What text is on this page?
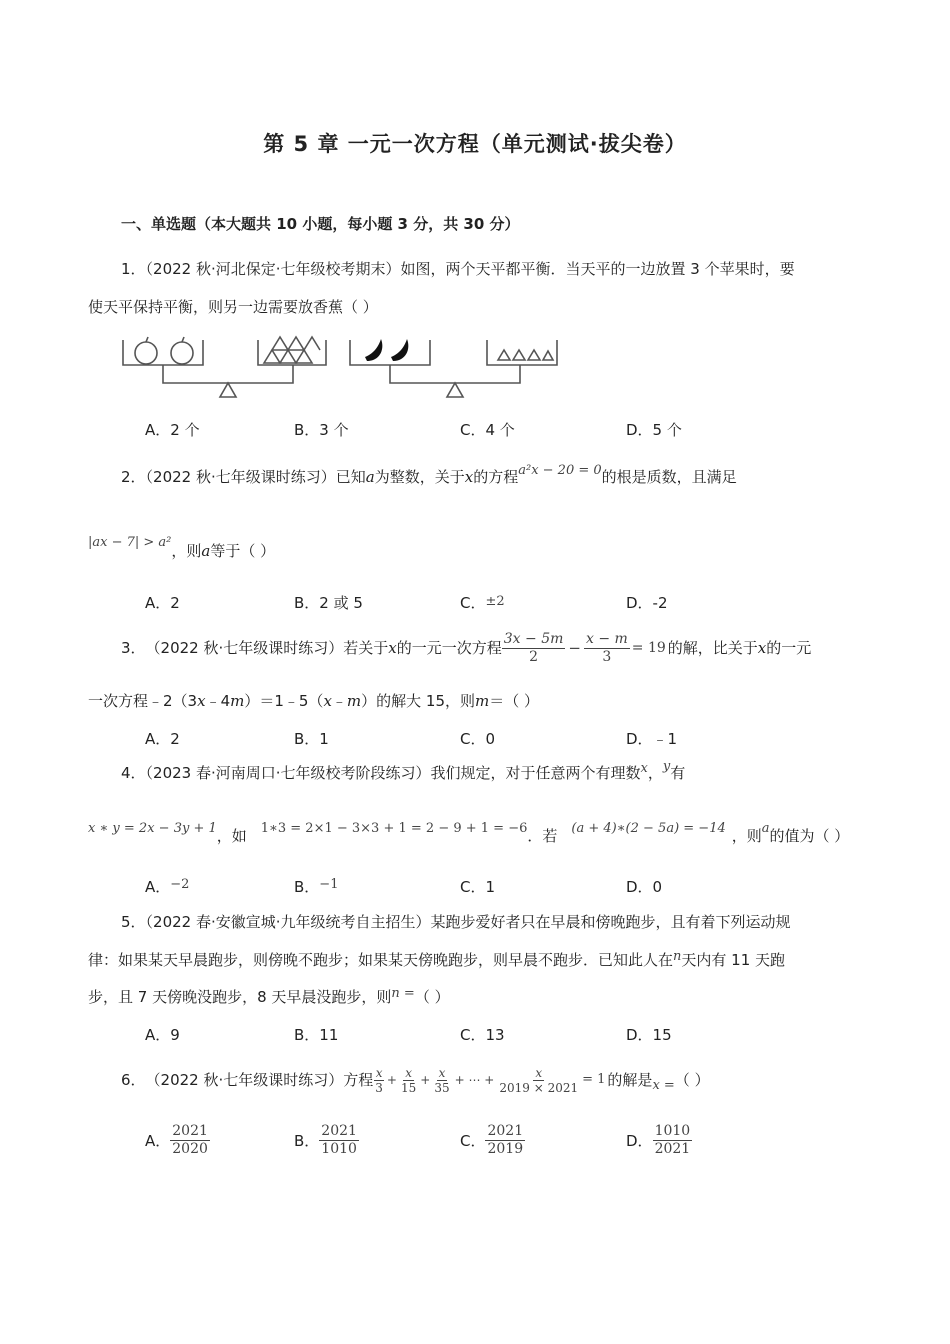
第 5 章 一元一次方程（单元测试·拔尖卷）
一、单选题（本大题共 10 小题，每小题 3 分，共 30 分）
1．（2022 秋·河北保定·七年级校考期末）如图，两个天平都平衡．当天平的一边放置 3 个苹果时，要
使天平保持平衡，则另一边需要放香蕉（ ）
A．2 个	B．3 个	C．4 个	D．5 个
2．（2022 秋·七年级课时练习）已知a为整数，关于x的方程a²x − 20 = 0的根是质数，且满足
|ax − 7| > a²，则a等于（ ）
A．2	B．2 或 5	C．±2	D．-2
3． （2022 秋·七年级课时练习） 若关于 x 的一元一次方程 $\frac{3x - 5m}{2} - \frac{x - m}{3} = 19$ 的解，比关于 x 的一元
一次方程﹣2（3x﹣4m）＝1﹣5（x﹣m）的解大 15，则m＝（ ）
A．2	B．1	C．0	D．﹣1
4．（2023 春·河南周口·七年级校考阶段练习）我们规定，对于任意两个有理数x，y有
x ∗ y = 2x − 3y + 1，如 1∗3 = 2×1 − 3×3 + 1 = 2 − 9 + 1 = −6．若 (a + 4)∗(2 − 5a) = −14 ，则a的值为（ ）
A．−2	B．−1	C．1	D．0
5．（2022 春·安徽宣城·九年级统考自主招生）某跑步爱好者只在早晨和傍晚跑步，且有着下列运动规
律：如果某天早晨跑步，则傍晚不跑步；如果某天傍晚跑步，则早晨不跑步．已知此人在n天内有 11 天跑
步，且 7 天傍晚没跑步，8 天早晨没跑步，则n =（ ）
A．9	B．11	C．13	D．15
6． （2022 秋·七年级课时练习） 方程 $\frac{x}{3} + \frac{x}{15} + \frac{x}{35}$ + ⋯ + $\frac{x}{2019 \times 2021} = 1$ 的解是 x = （ ）
A． $\frac{2021}{2020}$	B． $\frac{2021}{1010}$	C． $\frac{2021}{2019}$	D． $\frac{1010}{2021}$
